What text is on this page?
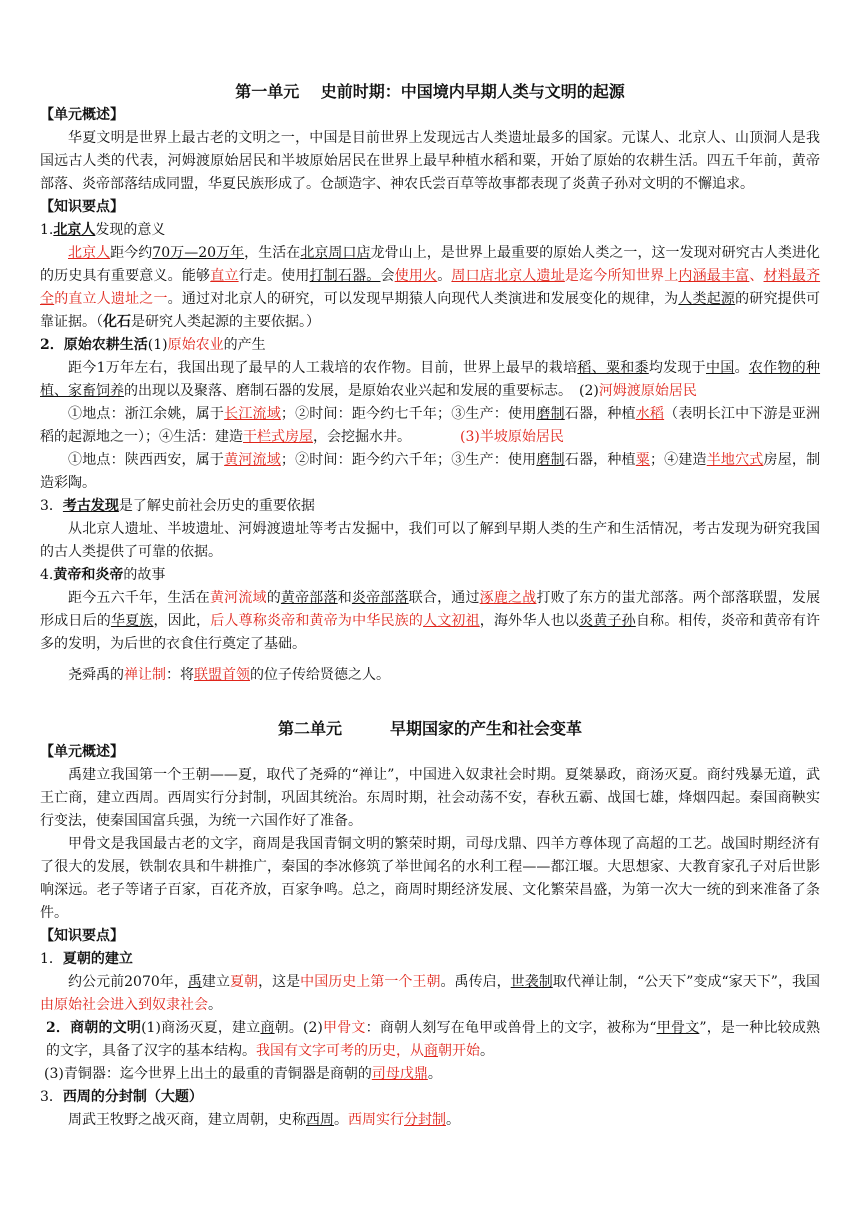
第一单元　 史前时期：中国境内早期人类与文明的起源

【单元概述】

华夏文明是世界上最古老的文明之一，中国是目前世界上发现远古人类遗址最多的国家。元谋人、北京人、山顶洞人是我国远古人类的代表，河姆渡原始居民和半坡原始居民在世界上最早种植水稻和粟，开始了原始的农耕生活。四五千年前，黄帝部落、炎帝部落结成同盟，华夏民族形成了。仓颉造字、神农氏尝百草等故事都表现了炎黄子孙对文明的不懈追求。

【知识要点】

1.北京人发现的意义

北京人距今约70万—20万年，生活在北京周口店龙骨山上，是世界上最重要的原始人类之一，这一发现对研究古人类进化的历史具有重要意义。能够直立行走。使用打制石器。会使用火。周口店北京人遗址是迄今所知世界上内涵最丰富、材料最齐全的直立人遗址之一。通过对北京人的研究，可以发现早期猿人向现代人类演进和发展变化的规律，为人类起源的研究提供可靠证据。（化石是研究人类起源的主要依据。）

2．原始农耕生活(1)原始农业的产生

距今1万年左右，我国出现了最早的人工栽培的农作物。目前，世界上最早的栽培稻、粟和黍均发现于中国。农作物的种植、家畜饲养的出现以及聚落、磨制石器的发展，是原始农业兴起和发展的重要标志。　(2)河姆渡原始居民

①地点：浙江余姚，属于长江流域；②时间：距今约七千年；③生产：使用磨制石器，种植水稻（表明长江中下游是亚洲稻的起源地之一）；④生活：建造干栏式房屋，会挖掘水井。　　　　(3)半坡原始居民

①地点：陕西西安，属于黄河流域；②时间：距今约六千年；③生产：使用磨制石器，种植粟；④建造半地穴式房屋，制造彩陶。

3．考古发现是了解史前社会历史的重要依据

从北京人遗址、半坡遗址、河姆渡遗址等考古发掘中，我们可以了解到早期人类的生产和生活情况，考古发现为研究我国的古人类提供了可靠的依据。

4.黄帝和炎帝的故事

距今五六千年，生活在黄河流域的黄帝部落和炎帝部落联合，通过涿鹿之战打败了东方的蚩尤部落。两个部落联盟，发展形成日后的华夏族，因此，后人尊称炎帝和黄帝为中华民族的人文初祖，海外华人也以炎黄子孙自称。相传，炎帝和黄帝有许多的发明，为后世的衣食住行奠定了基础。

尧舜禹的禅让制：将联盟首领的位子传给贤德之人。

第二单元　　　早期国家的产生和社会变革

【单元概述】

禹建立我国第一个王朝——夏，取代了尧舜的“禅让”，中国进入奴隶社会时期。夏桀暴政，商汤灭夏。商纣残暴无道，武王亡商，建立西周。西周实行分封制，巩固其统治。东周时期，社会动荡不安，春秋五霸、战国七雄，烽烟四起。秦国商鞅实行变法，使秦国国富兵强，为统一六国作好了准备。

甲骨文是我国最古老的文字，商周是我国青铜文明的繁荣时期，司母戊鼎、四羊方尊体现了高超的工艺。战国时期经济有了很大的发展，铁制农具和牛耕推广，秦国的李冰修筑了举世闻名的水利工程——都江堰。大思想家、大教育家孔子对后世影响深远。老子等诸子百家，百花齐放，百家争鸣。总之，商周时期经济发展、文化繁荣昌盛，为第一次大一统的到来准备了条件。

【知识要点】

1．夏朝的建立

约公元前2070年，禹建立夏朝，这是中国历史上第一个王朝。禹传启，世袭制取代禅让制，“公天下”变成“家天下”，我国由原始社会进入到奴隶社会。

2．商朝的文明(1)商汤灭夏，建立商朝。(2)甲骨文：商朝人刻写在龟甲或兽骨上的文字，被称为“甲骨文”，是一种比较成熟的文字，具备了汉字的基本结构。我国有文字可考的历史，从商朝开始。

(3)青铜器：迄今世界上出土的最重的青铜器是商朝的司母戊鼎。

3．西周的分封制（大题）

周武王牧野之战灭商，建立周朝，史称西周。西周实行分封制。
